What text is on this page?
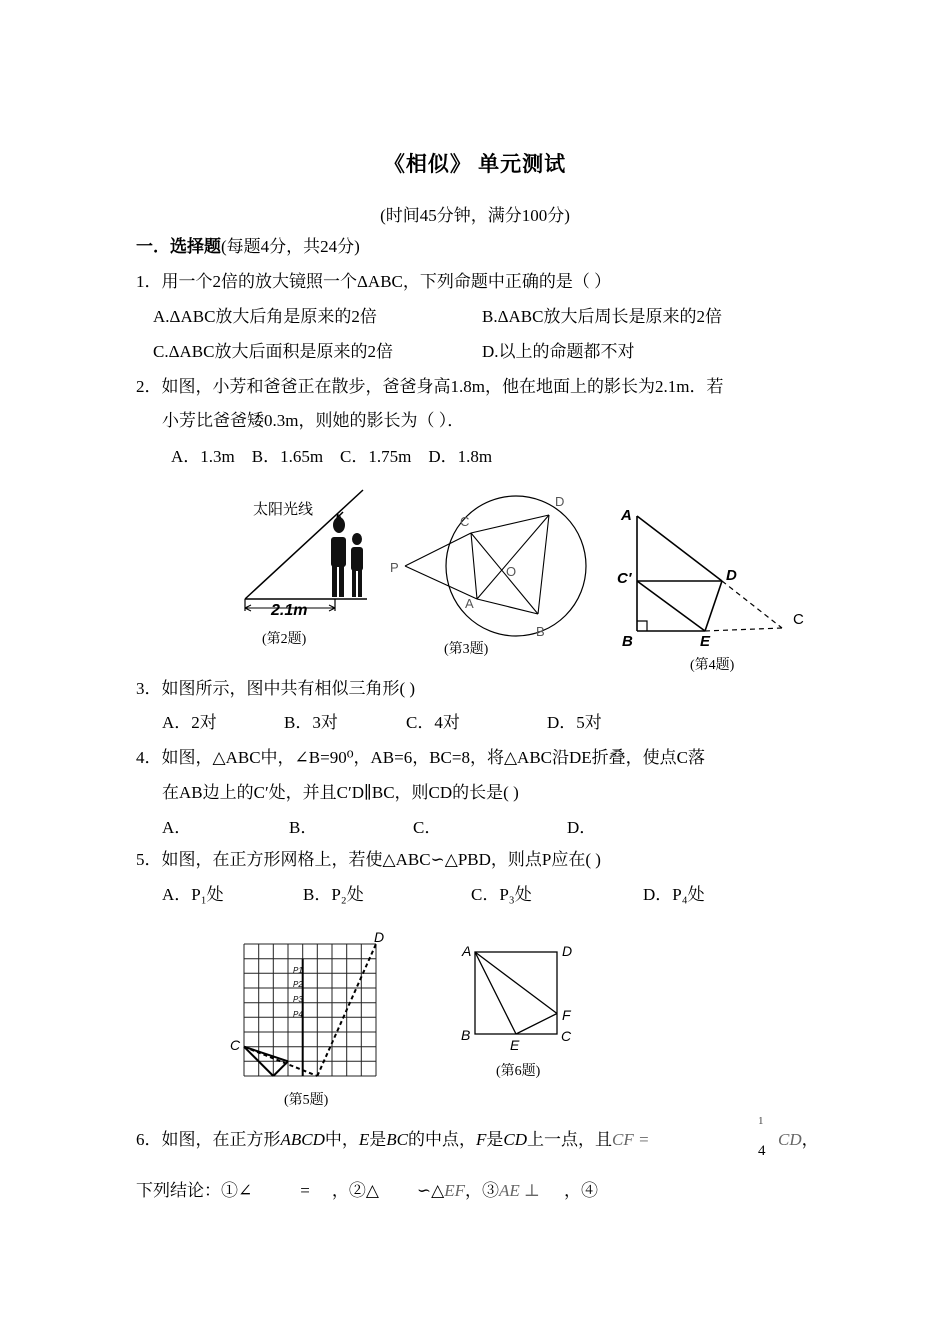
《相似》 单元测试
(时间45分钟，满分100分)
一．选择题(每题4分，共24分)
1．用一个2倍的放大镜照一个ΔABC，下列命题中正确的是（ ）
A.ΔABC放大后角是原来的2倍	B.ΔABC放大后周长是原来的2倍
C.ΔABC放大后面积是原来的2倍	D.以上的命题都不对
2．如图，小芳和爸爸正在散步，爸爸身高1.8m，他在地面上的影长为2.1m．若
小芳比爸爸矮0.3m，则她的影长为（ ）．
A．1.3m    B．1.65m    C．1.75m    D．1.8m
太阳光线
2.1m
(第2题)
P
C
D
O
A
B
(第3题)
A
C′	D
B	E
C
(第4题)
3．如图所示，图中共有相似三角形( )
A．2对	B．3对	C．4对	D．5对
4．如图，△ABC中，∠B=90⁰，AB=6，BC=8，将△ABC沿DE折叠，使点C落
在AB边上的C′处，并且C′D∥BC，则CD的长是( )
A．	B．	C．	D．
5．如图，在正方形网格上，若使△ABC∽△PBD，则点P应在( )
A．P₁处	B．P₂处	C．P₃处	D．P₄处
D
C
P1
P2
P3
P4
(第5题)
A	D
B	C
F
E
(第6题)
6．如图，在正方形ABCD中，E是BC的中点，F是CD上一点，且CF =
1
4
CD，
下列结论：①∠	= ，②△ ∽△EF，③AE ⊥ ，④
